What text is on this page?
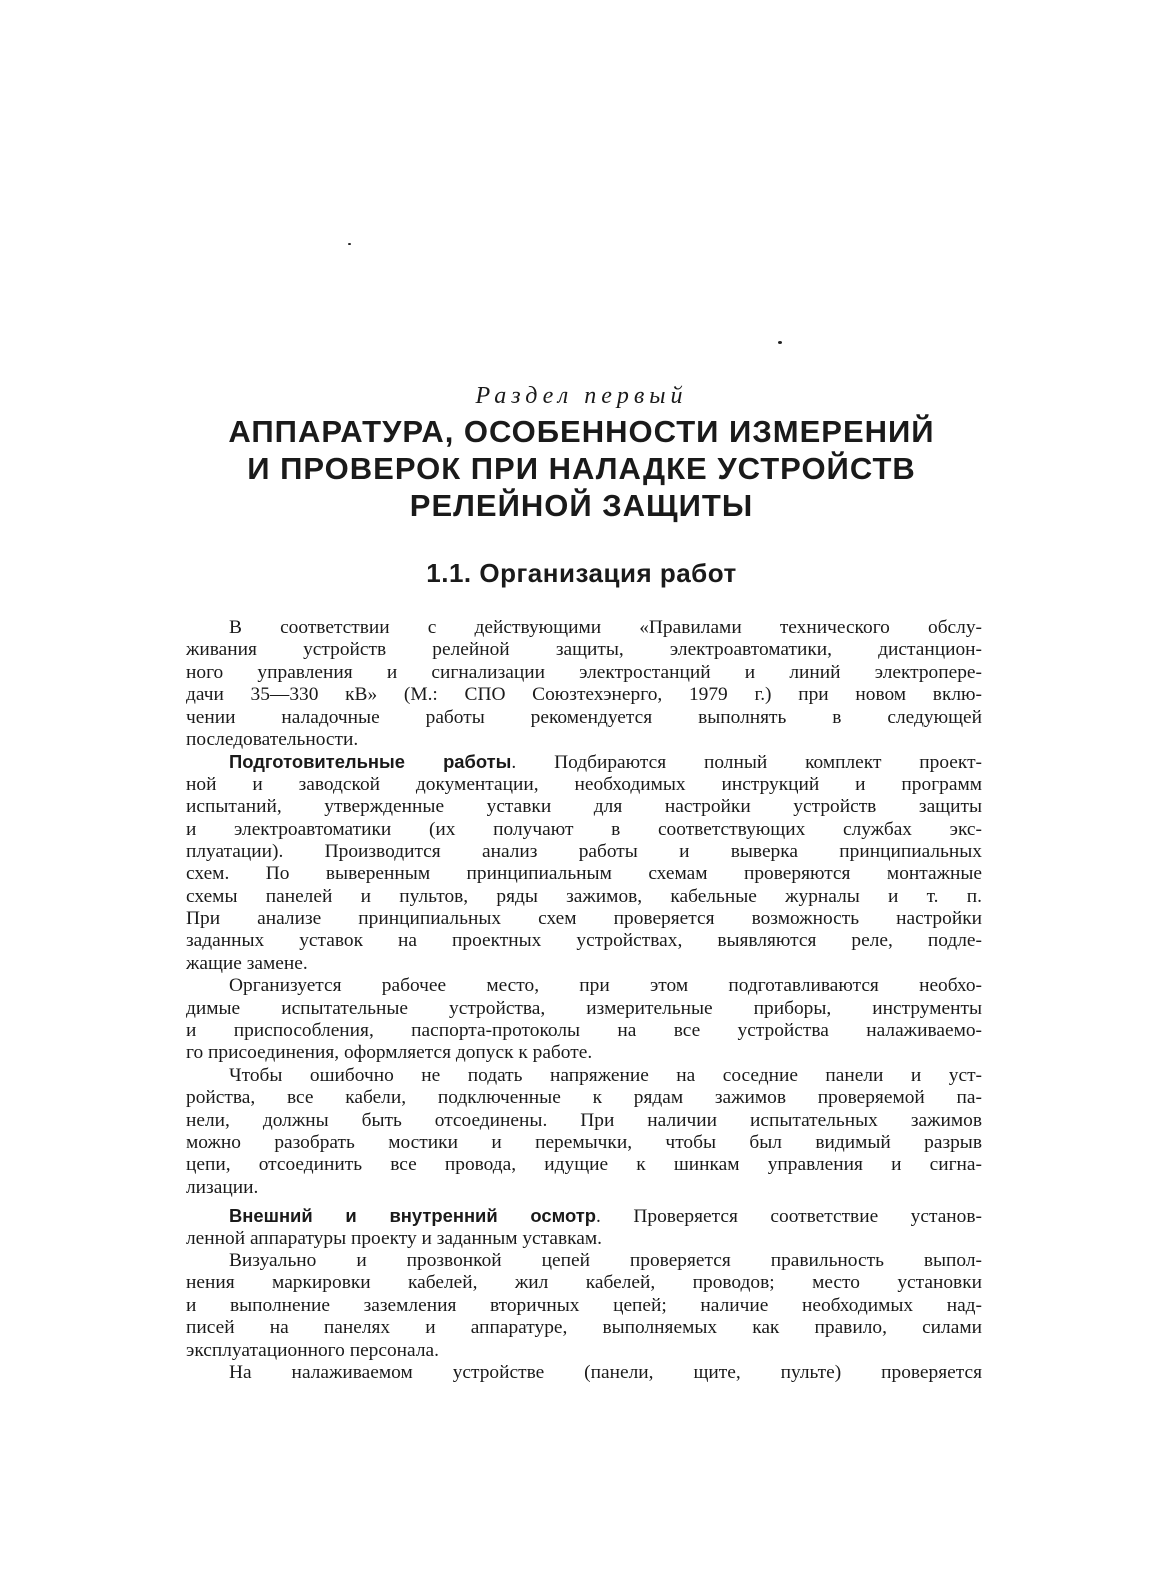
Раздел первый
АППАРАТУРА, ОСОБЕННОСТИ ИЗМЕРЕНИЙ
И ПРОВЕРОК ПРИ НАЛАДКЕ УСТРОЙСТВ
РЕЛЕЙНОЙ ЗАЩИТЫ
1.1. Организация работ
В соответствии с действующими «Правилами технического обслу-
живания устройств релейной защиты, электроавтоматики, дистанцион-
ного управления и сигнализации электростанций и линий электропере-
дачи 35—330 кВ» (М.: СПО Союзтехэнерго, 1979 г.) при новом вклю-
чении наладочные работы рекомендуется выполнять в следующей
последовательности.
Подготовительные работы. Подбираются полный комплект проект-
ной и заводской документации, необходимых инструкций и программ
испытаний, утвержденные уставки для настройки устройств защиты
и электроавтоматики (их получают в соответствующих службах экс-
плуатации). Производится анализ работы и выверка принципиальных
схем. По выверенным принципиальным схемам проверяются монтажные
схемы панелей и пультов, ряды зажимов, кабельные журналы и т. п.
При анализе принципиальных схем проверяется возможность настройки
заданных уставок на проектных устройствах, выявляются реле, подле-
жащие замене.
Организуется рабочее место, при этом подготавливаются необхо-
димые испытательные устройства, измерительные приборы, инструменты
и приспособления, паспорта-протоколы на все устройства налаживаемо-
го присоединения, оформляется допуск к работе.
Чтобы ошибочно не подать напряжение на соседние панели и уст-
ройства, все кабели, подключенные к рядам зажимов проверяемой па-
нели, должны быть отсоединены. При наличии испытательных зажимов
можно разобрать мостики и перемычки, чтобы был видимый разрыв
цепи, отсоединить все провода, идущие к шинкам управления и сигна-
лизации.
Внешний и внутренний осмотр. Проверяется соответствие установ-
ленной аппаратуры проекту и заданным уставкам.
Визуально и прозвонкой цепей проверяется правильность выпол-
нения маркировки кабелей, жил кабелей, проводов; место установки
и выполнение заземления вторичных цепей; наличие необходимых над-
писей на панелях и аппаратуре, выполняемых как правило, силами
эксплуатационного персонала.
На налаживаемом устройстве (панели, щите, пульте) проверяется
